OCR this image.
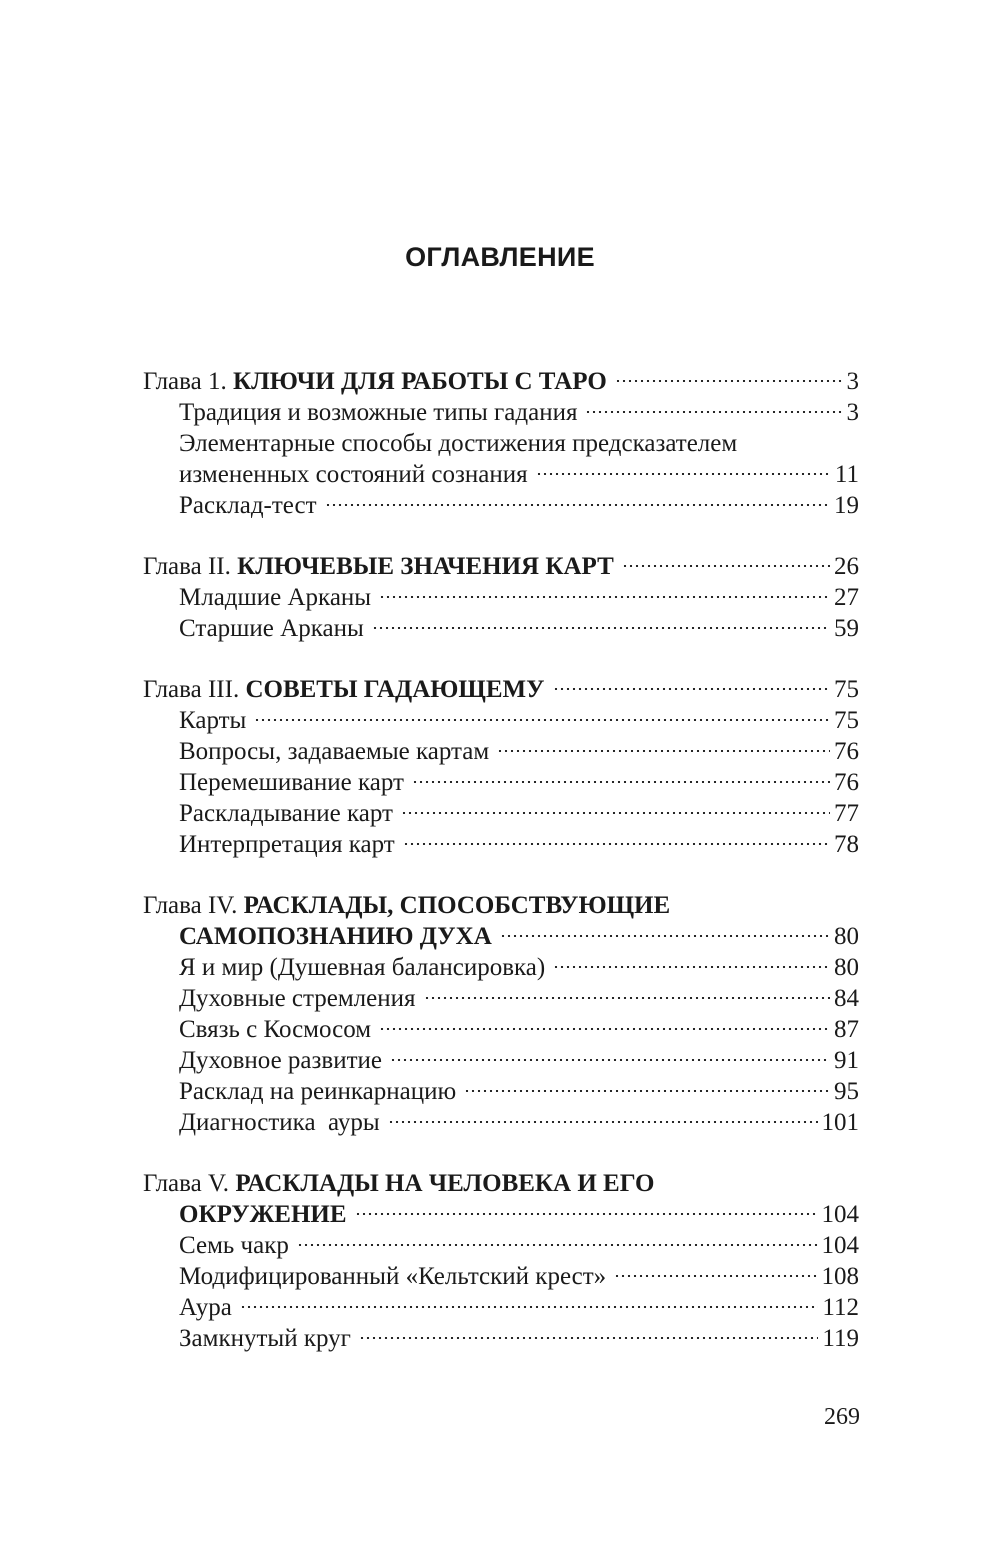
ОГЛАВЛЕНИЕ
Глава 1. КЛЮЧИ ДЛЯ РАБОТЫ С ТАРО	3
Традиция и возможные типы гадания	3
Элементарные способы достижения предсказателем
измененных состояний сознания	11
Расклад-тест	19
Глава II. КЛЮЧЕВЫЕ ЗНАЧЕНИЯ КАРТ	26
Младшие Арканы	27
Старшие Арканы	59
Глава III. СОВЕТЫ ГАДАЮЩЕМУ	75
Карты	75
Вопросы, задаваемые картам	76
Перемешивание карт	76
Раскладывание карт	77
Интерпретация карт	78
Глава IV. РАСКЛАДЫ, СПОСОБСТВУЮЩИЕ
САМОПОЗНАНИЮ ДУХА	80
Я и мир (Душевная балансировка)	80
Духовные стремления	84
Связь с Космосом	87
Духовное развитие	91
Расклад на реинкарнацию	95
Диагностика  ауры	101
Глава V. РАСКЛАДЫ НА ЧЕЛОВЕКА И ЕГО
ОКРУЖЕНИЕ	104
Семь чакр	104
Модифицированный «Кельтский крест»	108
Аура	112
Замкнутый круг	119
269
